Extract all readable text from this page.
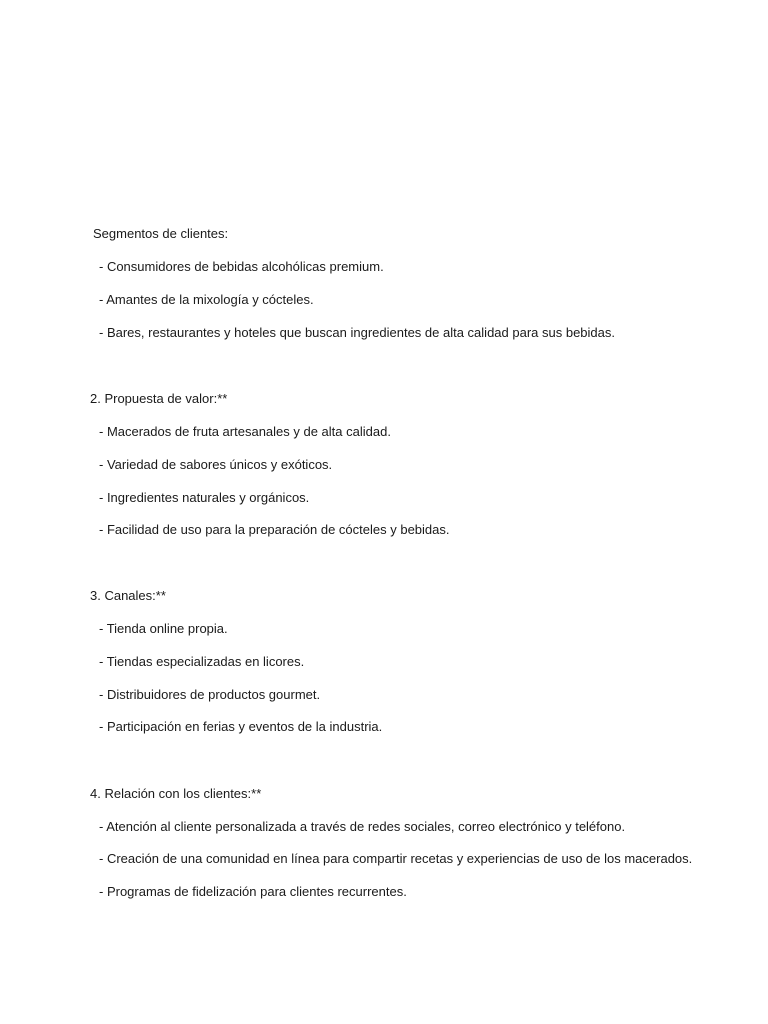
Segmentos de clientes:
- Consumidores de bebidas alcohólicas premium.
- Amantes de la mixología y cócteles.
- Bares, restaurantes y hoteles que buscan ingredientes de alta calidad para sus bebidas.
2. Propuesta de valor:**
- Macerados de fruta artesanales y de alta calidad.
- Variedad de sabores únicos y exóticos.
- Ingredientes naturales y orgánicos.
- Facilidad de uso para la preparación de cócteles y bebidas.
3. Canales:**
- Tienda online propia.
- Tiendas especializadas en licores.
- Distribuidores de productos gourmet.
- Participación en ferias y eventos de la industria.
4. Relación con los clientes:**
- Atención al cliente personalizada a través de redes sociales, correo electrónico y teléfono.
- Creación de una comunidad en línea para compartir recetas y experiencias de uso de los macerados.
- Programas de fidelización para clientes recurrentes.
